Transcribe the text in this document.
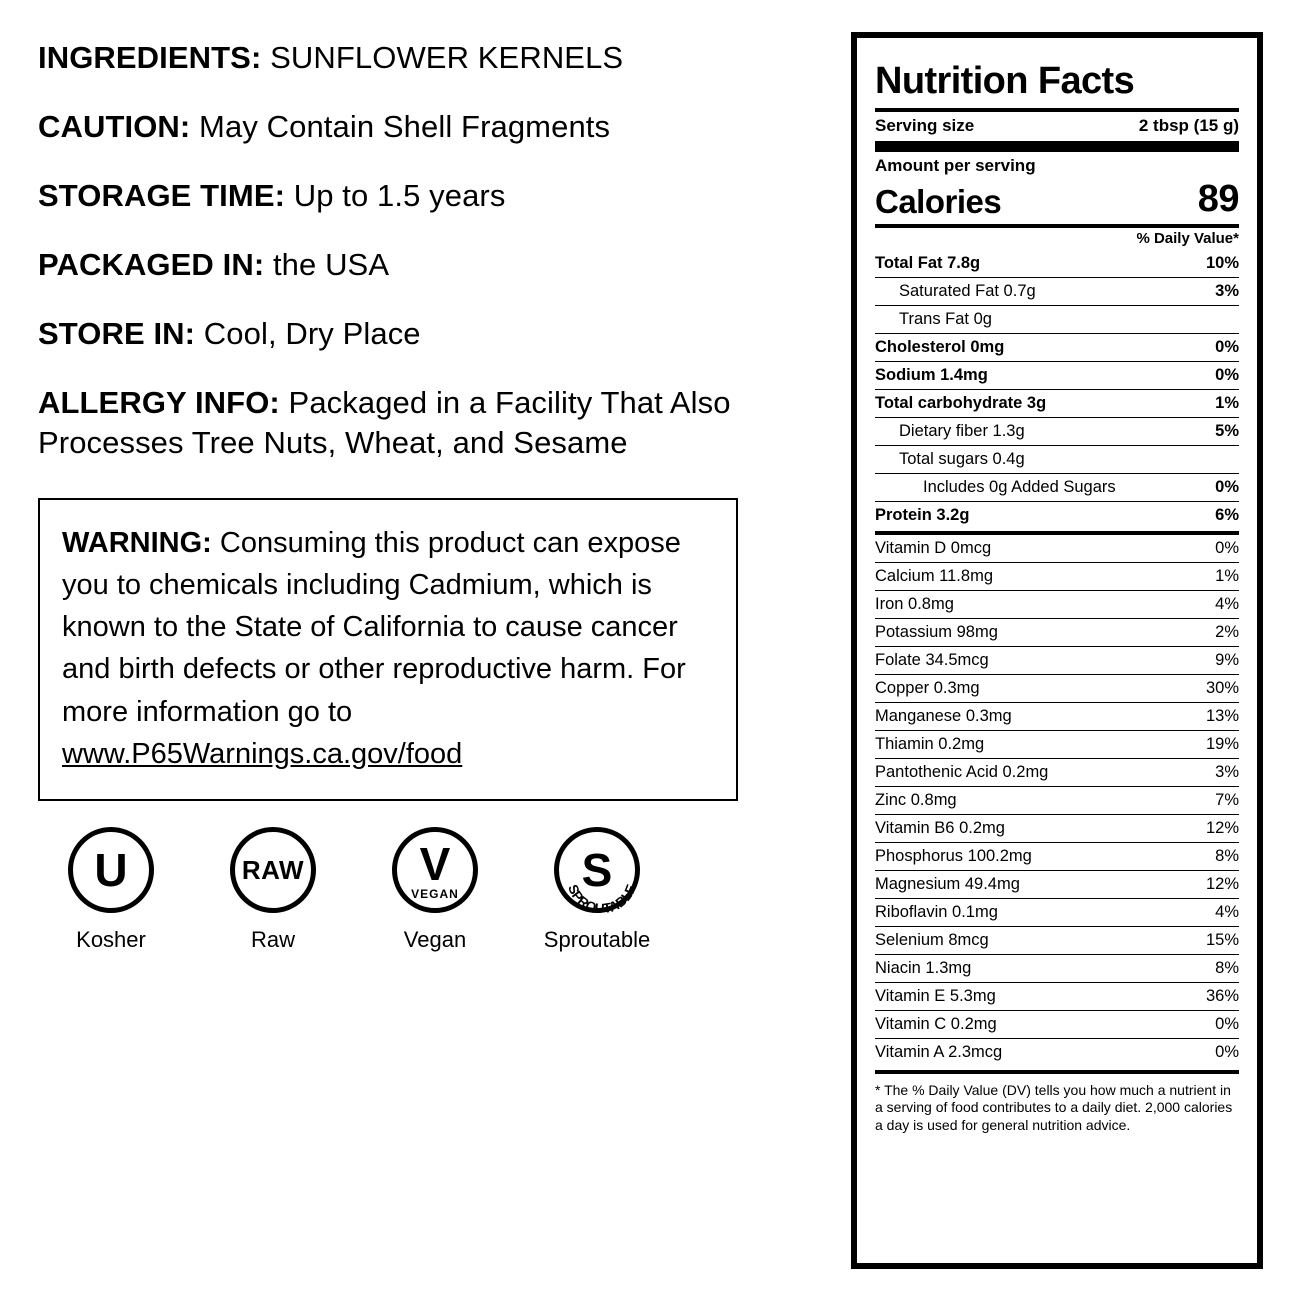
INGREDIENTS: SUNFLOWER KERNELS
CAUTION: May Contain Shell Fragments
STORAGE TIME: Up to 1.5 years
PACKAGED IN: the USA
STORE IN: Cool, Dry Place
ALLERGY INFO: Packaged in a Facility That Also Processes Tree Nuts, Wheat, and Sesame
WARNING: Consuming this product can expose you to chemicals including Cadmium, which is known to the State of California to cause cancer and birth defects or other reproductive harm. For more information go to www.P65Warnings.ca.gov/food
U
Kosher
RAW
Raw
V
VEGAN
Vegan
S
SPROUTABLE
Sproutable
Nutrition Facts
Serving size	2 tbsp (15 g)
Amount per serving
Calories	89
% Daily Value*
Total Fat 7.8g	10%
Saturated Fat 0.7g	3%
Trans Fat 0g
Cholesterol 0mg	0%
Sodium 1.4mg	0%
Total carbohydrate 3g	1%
Dietary fiber 1.3g	5%
Total sugars 0.4g
Includes 0g Added Sugars	0%
Protein 3.2g	6%
Vitamin D 0mcg	0%
Calcium 11.8mg	1%
Iron 0.8mg	4%
Potassium 98mg	2%
Folate 34.5mcg	9%
Copper 0.3mg	30%
Manganese 0.3mg	13%
Thiamin 0.2mg	19%
Pantothenic Acid 0.2mg	3%
Zinc 0.8mg	7%
Vitamin B6 0.2mg	12%
Phosphorus 100.2mg	8%
Magnesium 49.4mg	12%
Riboflavin 0.1mg	4%
Selenium 8mcg	15%
Niacin 1.3mg	8%
Vitamin E 5.3mg	36%
Vitamin C 0.2mg	0%
Vitamin A 2.3mcg	0%
* The % Daily Value (DV) tells you how much a nutrient in a serving of food contributes to a daily diet. 2,000 calories a day is used for general nutrition advice.
